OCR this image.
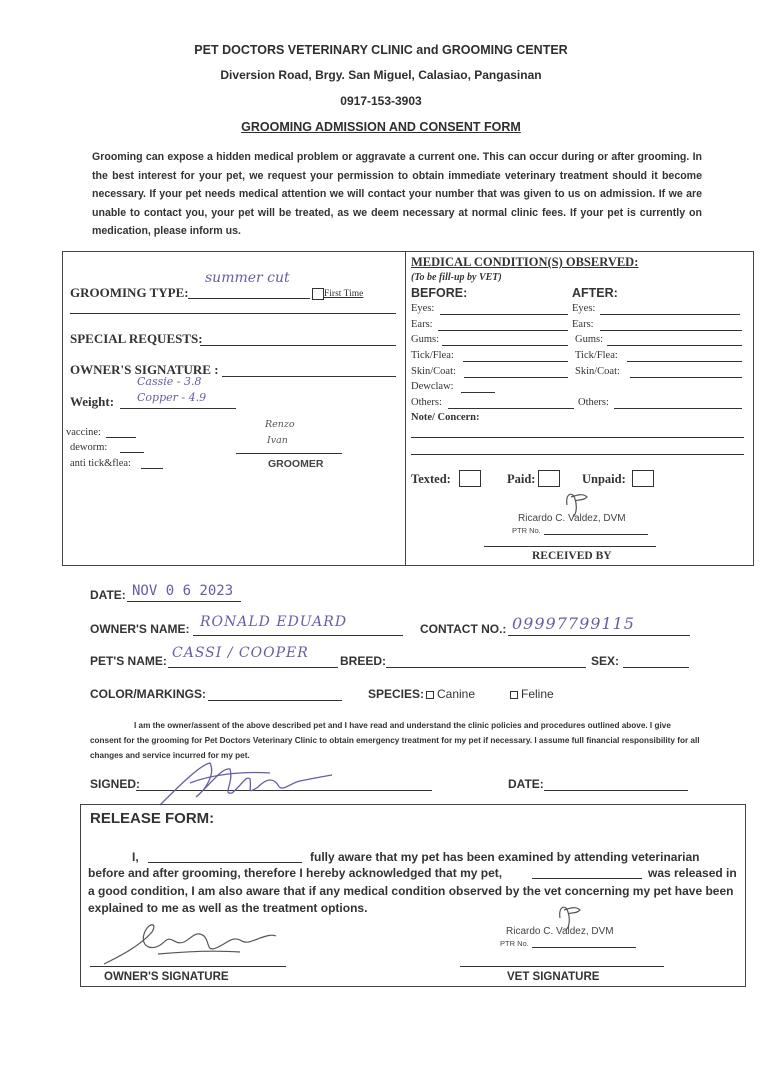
PET DOCTORS VETERINARY CLINIC and GROOMING CENTER
Diversion Road, Brgy. San Miguel, Calasiao, Pangasinan
0917-153-3903
GROOMING ADMISSION AND CONSENT FORM
Grooming can expose a hidden medical problem or aggravate a current one. This can occur during or after grooming. In the best interest for your pet, we request your permission to obtain immediate veterinary treatment should it become necessary. If your pet needs medical attention we will contact your number that was given to us on admission. If we are unable to contact you, your pet will be treated, as we deem necessary at normal clinic fees. If your pet is currently on medication, please inform us.
GROOMING TYPE:
summer cut
First Time
SPECIAL REQUESTS:
OWNER'S SIGNATURE :
Cassie - 3.8
Weight: Copper - 4.9
vaccine:
deworm:
anti tick&flea:
Renzo
Ivan
GROOMER
MEDICAL CONDITION(S) OBSERVED:
(To be fill-up by VET)
BEFORE:	AFTER:
Eyes:	Eyes:
Ears:	Ears:
Gums:	Gums:
Tick/Flea:	Tick/Flea:
Skin/Coat:	Skin/Coat:
Dewclaw:
Others:	Others:
Note/ Concern:
Texted:	Paid:	Unpaid:
Ricardo C. Valdez, DVM
PTR No.
RECEIVED BY
DATE: NOV 0 6 2023
OWNER'S NAME: RONALD EDUARD	CONTACT NO.: 09997799115
PET'S NAME: CASSI / COOPER	BREED:	SEX:
COLOR/MARKINGS:	SPECIES: Canine	Feline
I am the owner/assent of the above described pet and I have read and understand the clinic policies and procedures outlined above. I give consent for the grooming for Pet Doctors Veterinary Clinic to obtain emergency treatment for my pet if necessary. I assume full financial responsibility for all changes and service incurred for my pet.
SIGNED:	DATE:
RELEASE FORM:
I,	fully aware that my pet has been examined by attending veterinarian
before and after grooming, therefore I hereby acknowledged that my pet,	was released in
a good condition, I am also aware that if any medical condition observed by the vet concerning my pet have been explained to me as well as the treatment options.
OWNER'S SIGNATURE
Ricardo C. Valdez, DVM
PTR No.
VET SIGNATURE
